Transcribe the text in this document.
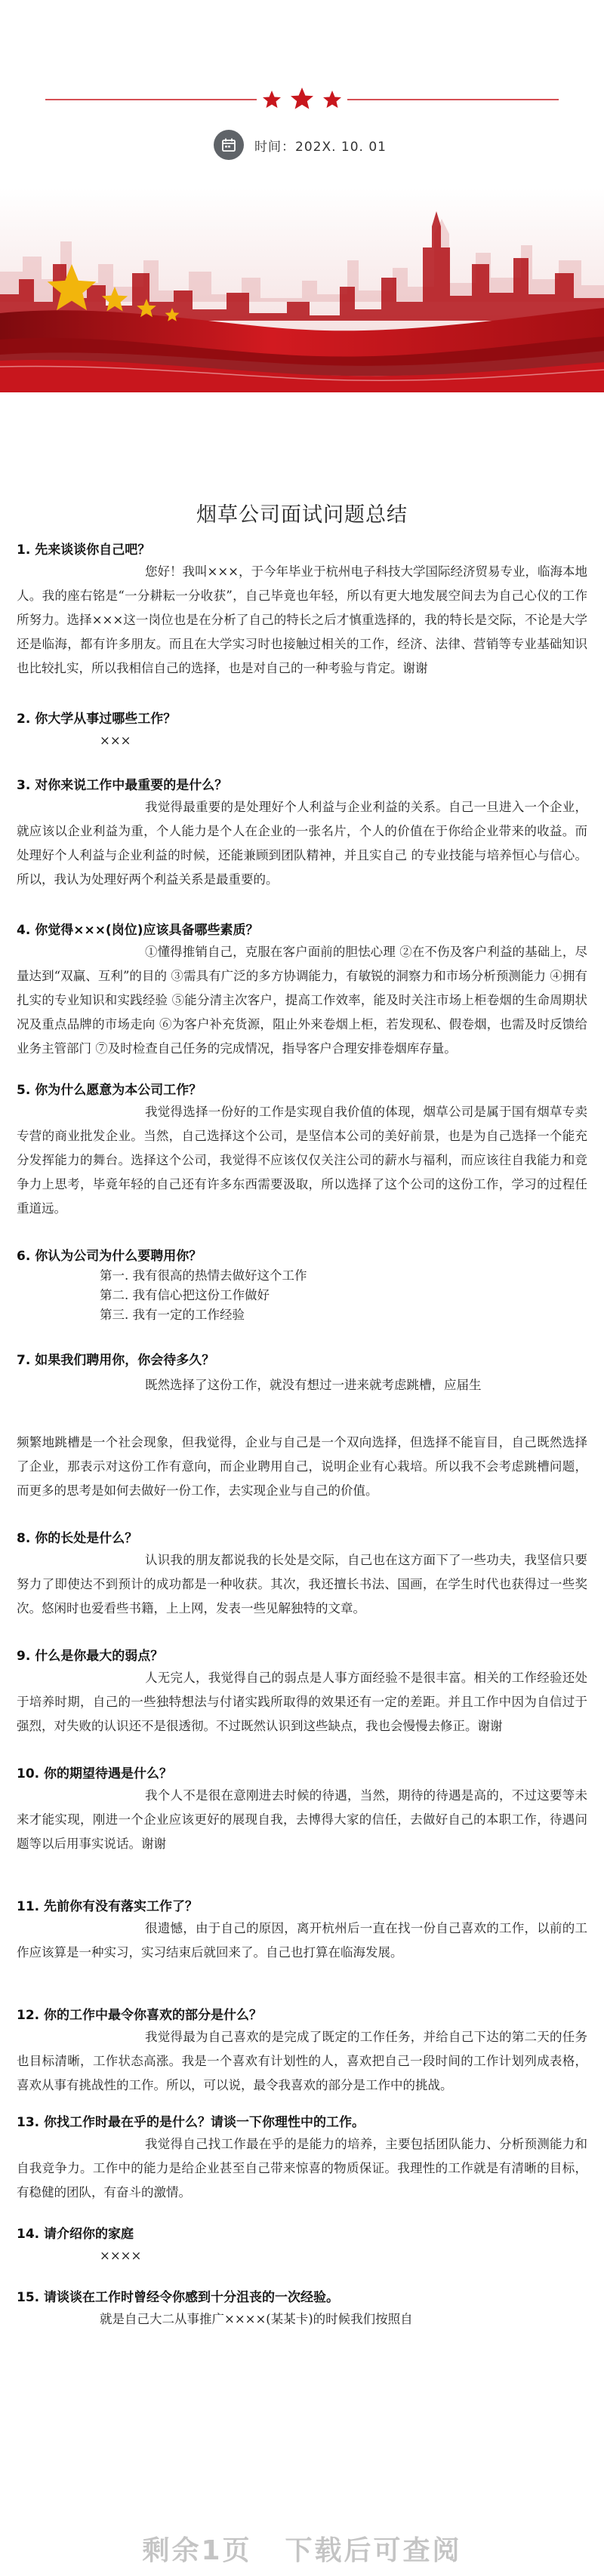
时间：202X. 10. 01
烟草公司面试问题总结

1. 先来谈谈你自己吧？

您好！我叫×××，于今年毕业于杭州电子科技大学国际经济贸易专业，临海本地人。我的座右铭是“一分耕耘一分收获”，自己毕竟也年轻，所以有更大地发展空间去为自己心仪的工作所努力。选择×××这一岗位也是在分析了自己的特长之后才慎重选择的，我的特长是交际，不论是大学还是临海，都有许多朋友。而且在大学实习时也接触过相关的工作，经济、法律、营销等专业基础知识也比较扎实，所以我相信自己的选择，也是对自己的一种考验与肯定。谢谢

2. 你大学从事过哪些工作？

×××

3. 对你来说工作中最重要的是什么？

我觉得最重要的是处理好个人利益与企业利益的关系。自己一旦进入一个企业，就应该以企业利益为重，个人能力是个人在企业的一张名片，个人的价值在于你给企业带来的收益。而处理好个人利益与企业利益的时候，还能兼顾到团队精神，并且实自己 的专业技能与培养恒心与信心。所以，我认为处理好两个利益关系是最重要的。

4. 你觉得×××(岗位)应该具备哪些素质？

①懂得推销自己，克服在客户面前的胆怯心理 ②在不伤及客户利益的基础上，尽量达到“双赢、互利”的目的 ③需具有广泛的多方协调能力，有敏锐的洞察力和市场分析预测能力 ④拥有扎实的专业知识和实践经验 ⑤能分清主次客户，提高工作效率，能及时关注市场上柜卷烟的生命周期状况及重点品牌的市场走向 ⑥为客户补充货源，阻止外来卷烟上柜，若发现私、假卷烟，也需及时反馈给业务主管部门 ⑦及时检查自己任务的完成情况，指导客户合理安排卷烟库存量。

5. 你为什么愿意为本公司工作？

我觉得选择一份好的工作是实现自我价值的体现，烟草公司是属于国有烟草专卖专营的商业批发企业。当然，自己选择这个公司，是坚信本公司的美好前景，也是为自己选择一个能充分发挥能力的舞台。选择这个公司，我觉得不应该仅仅关注公司的薪水与福利，而应该往自我能力和竞争力上思考，毕竟年轻的自己还有许多东西需要汲取，所以选择了这个公司的这份工作，学习的过程任重道远。

6. 你认为公司为什么要聘用你？

第一. 我有很高的热情去做好这个工作

第二. 我有信心把这份工作做好

第三. 我有一定的工作经验

7. 如果我们聘用你，你会待多久？

既然选择了这份工作，就没有想过一进来就考虑跳槽，应届生

频繁地跳槽是一个社会现象，但我觉得，企业与自己是一个双向选择，但选择不能盲目，自己既然选择了企业，那表示对这份工作有意向，而企业聘用自己，说明企业有心栽培。所以我不会考虑跳槽问题，而更多的思考是如何去做好一份工作，去实现企业与自己的价值。

8. 你的长处是什么？

认识我的朋友都说我的长处是交际，自己也在这方面下了一些功夫，我坚信只要努力了即使达不到预计的成功都是一种收获。其次，我还擅长书法、国画，在学生时代也获得过一些奖次。悠闲时也爱看些书籍，上上网，发表一些见解独特的文章。

9. 什么是你最大的弱点？

人无完人，我觉得自己的弱点是人事方面经验不是很丰富。相关的工作经验还处于培养时期，自己的一些独特想法与付诸实践所取得的效果还有一定的差距。并且工作中因为自信过于强烈，对失败的认识还不是很透彻。不过既然认识到这些缺点，我也会慢慢去修正。谢谢

10. 你的期望待遇是什么？

我个人不是很在意刚进去时候的待遇，当然，期待的待遇是高的，不过这要等未来才能实现，刚进一个企业应该更好的展现自我，去博得大家的信任，去做好自己的本职工作，待遇问题等以后用事实说话。谢谢

11. 先前你有没有落实工作了？

很遗憾，由于自己的原因，离开杭州后一直在找一份自己喜欢的工作，以前的工作应该算是一种实习，实习结束后就回来了。自己也打算在临海发展。

12. 你的工作中最令你喜欢的部分是什么？

我觉得最为自己喜欢的是完成了既定的工作任务，并给自己下达的第二天的任务也目标清晰，工作状态高涨。我是一个喜欢有计划性的人，喜欢把自己一段时间的工作计划列成表格，喜欢从事有挑战性的工作。所以，可以说，最令我喜欢的部分是工作中的挑战。

13. 你找工作时最在乎的是什么？请谈一下你理性中的工作。

我觉得自己找工作最在乎的是能力的培养，主要包括团队能力、分析预测能力和自我竞争力。工作中的能力是给企业甚至自己带来惊喜的物质保证。我理性的工作就是有清晰的目标，有稳健的团队，有奋斗的激情。

14. 请介绍你的家庭

××××

15. 请谈谈在工作时曾经令你感到十分沮丧的一次经验。

就是自己大二从事推广××××(某某卡)的时候我们按照自

剩余1页 下载后可查阅
